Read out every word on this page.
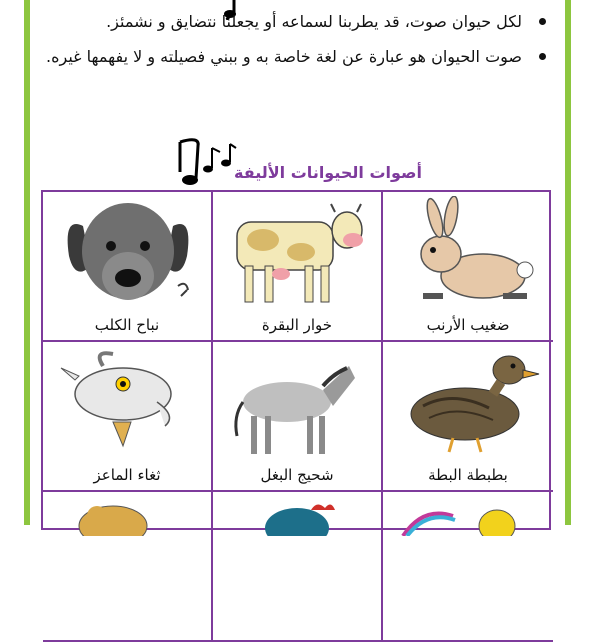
لكل حيوان صوت، قد يطربنا لسماعه أو يجعلنا نتضايق و نشمئز.
صوت الحيوان هو عبارة عن لغة خاصة به و ببني فصيلته و لا يفهمها غيره.
أصوات الحيوانات الأليفة
نباح الكلب	خوار البقرة	ضغيب الأرنب
ثغاء الماعز	شحيج البغل	بطبطة البطة
